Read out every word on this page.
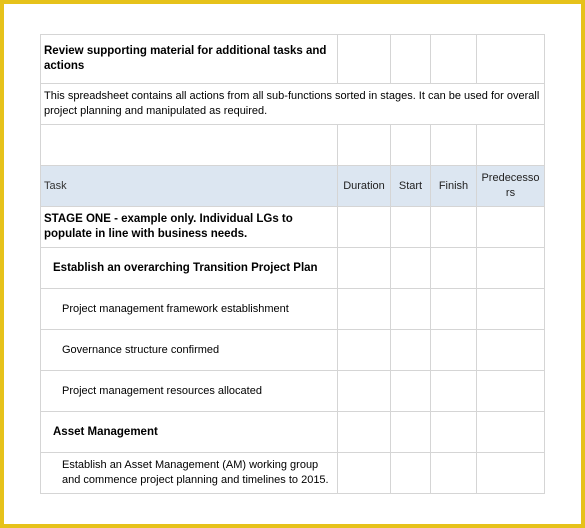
Review supporting material for additional tasks and actions				
This spreadsheet contains all actions from all sub-functions sorted in stages. It can be used for overall project planning and manipulated as required.				

Task	Duration	Start	Finish	Predecesso rs
STAGE ONE - example only. Individual LGs to populate in line with business needs.				
Establish an overarching Transition Project Plan				
Project management framework establishment				
Governance structure confirmed				
Project management resources allocated				
Asset Management				
Establish an Asset Management (AM) working group and commence project planning and timelines to 2015.				
